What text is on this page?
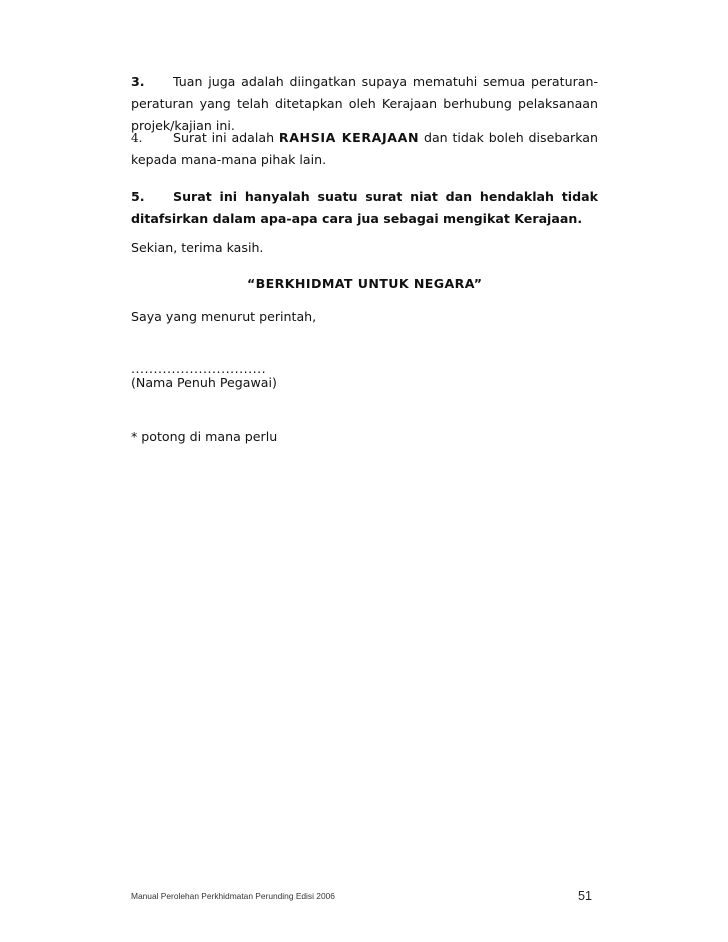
3. Tuan juga adalah diingatkan supaya mematuhi semua peraturan-peraturan yang telah ditetapkan oleh Kerajaan berhubung pelaksanaan projek/kajian ini.
4. Surat ini adalah RAHSIA KERAJAAN dan tidak boleh disebarkan kepada mana-mana pihak lain.
5. Surat ini hanyalah suatu surat niat dan hendaklah tidak ditafsirkan dalam apa-apa cara jua sebagai mengikat Kerajaan.
Sekian, terima kasih.
“BERKHIDMAT UNTUK NEGARA”
Saya yang menurut perintah,
..............................
(Nama Penuh Pegawai)
* potong di mana perlu
Manual Perolehan Perkhidmatan Perunding Edisi 2006	51
